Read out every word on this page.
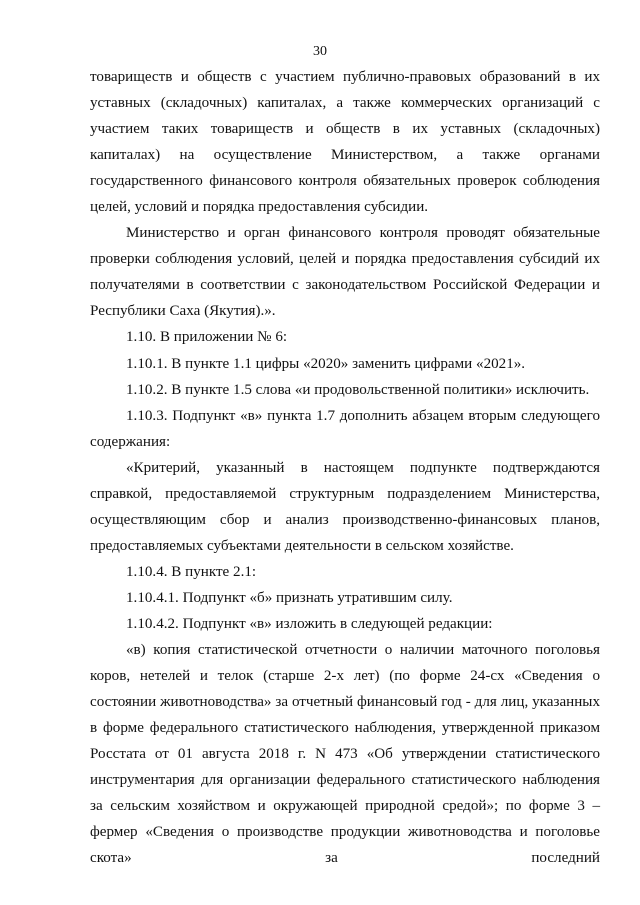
30

товариществ и обществ с участием публично-правовых образований в их уставных (складочных) капиталах, а также коммерческих организаций с участием таких товариществ и обществ в их уставных (складочных) капиталах) на осуществление Министерством, а также органами государственного финансового контроля обязательных проверок соблюдения целей, условий и порядка предоставления субсидии.

Министерство и орган финансового контроля проводят обязательные проверки соблюдения условий, целей и порядка предоставления субсидий их получателями в соответствии с законодательством Российской Федерации и Республики Саха (Якутия).».

1.10. В приложении № 6:

1.10.1. В пункте 1.1 цифры «2020» заменить цифрами «2021».

1.10.2. В пункте 1.5 слова «и продовольственной политики» исключить.

1.10.3. Подпункт «в» пункта 1.7 дополнить абзацем вторым следующего содержания:

«Критерий, указанный в настоящем подпункте подтверждаются справкой, предоставляемой структурным подразделением Министерства, осуществляющим сбор и анализ производственно-финансовых планов, предоставляемых субъектами деятельности в сельском хозяйстве.

1.10.4. В пункте 2.1:

1.10.4.1. Подпункт «б» признать утратившим силу.

1.10.4.2. Подпункт «в» изложить в следующей редакции:

«в) копия статистической отчетности о наличии маточного поголовья коров, нетелей и телок (старше 2-х лет) (по форме 24-сх «Сведения о состоянии животноводства» за отчетный финансовый год - для лиц, указанных в форме федерального статистического наблюдения, утвержденной приказом Росстата от 01 августа 2018 г. N 473 «Об утверждении статистического инструментария для организации федерального статистического наблюдения за сельским хозяйством и окружающей природной средой»; по форме 3 – фермер «Сведения о производстве продукции животноводства и поголовье скота» за последний
